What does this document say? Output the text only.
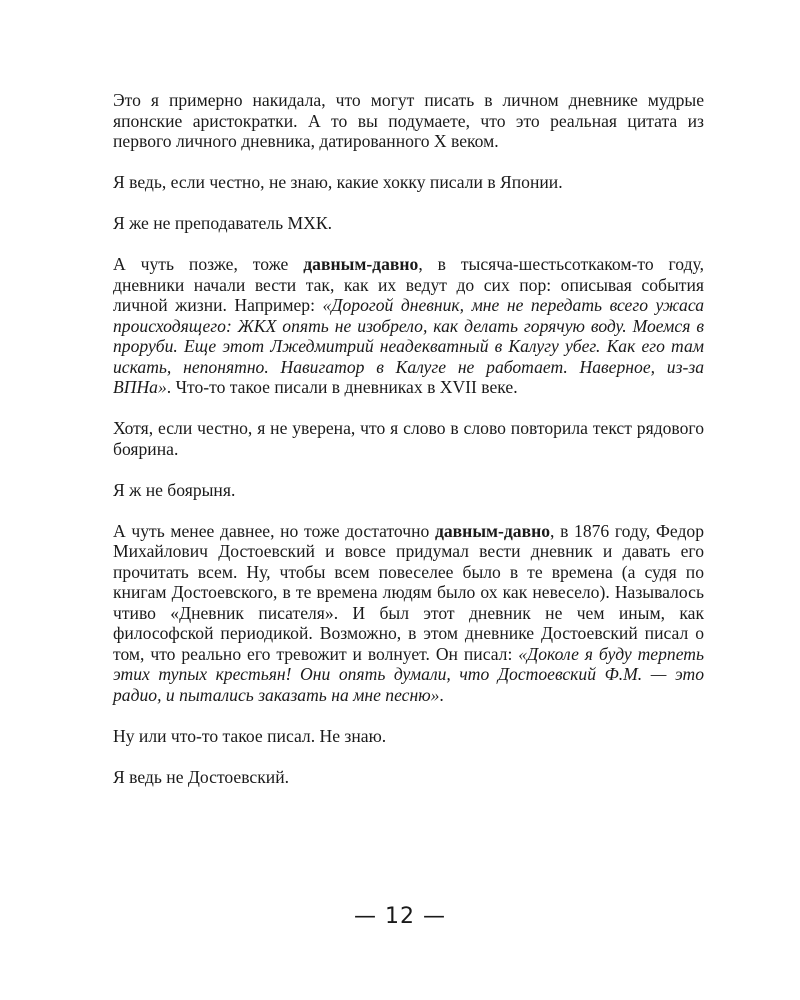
Это я примерно накидала, что могут писать в личном дневнике мудрые японские аристократки. А то вы подумаете, что это реальная цитата из первого личного дневника, датированного X веком.

Я ведь, если честно, не знаю, какие хокку писали в Японии.

Я же не преподаватель МХК.

А чуть позже, тоже давным-давно, в тысяча-шестьсоткаком-то году, дневники начали вести так, как их ведут до сих пор: описывая события личной жизни. Например: «Дорогой дневник, мне не передать всего ужаса происходящего: ЖКХ опять не изобрело, как делать горячую воду. Моемся в проруби. Еще этот Лжедмитрий неадекватный в Калугу убег. Как его там искать, непонятно. Навигатор в Калуге не работает. Наверное, из-за ВПНа». Что-то такое писали в дневниках в XVII веке.

Хотя, если честно, я не уверена, что я слово в слово повторила текст рядового боярина.

Я ж не боярыня.

А чуть менее давнее, но тоже достаточно давным-давно, в 1876 году, Федор Михайлович Достоевский и вовсе придумал вести дневник и давать его прочитать всем. Ну, чтобы всем повеселее было в те времена (а судя по книгам Достоевского, в те времена людям было ох как невесело). Называлось чтиво «Дневник писателя». И был этот дневник не чем иным, как философской периодикой. Возможно, в этом дневнике Достоевский писал о том, что реально его тревожит и волнует. Он писал: «Доколе я буду терпеть этих тупых крестьян! Они опять думали, что Достоевский Ф.М. — это радио, и пытались заказать на мне песню».

Ну или что-то такое писал. Не знаю.

Я ведь не Достоевский.

— 12 —
